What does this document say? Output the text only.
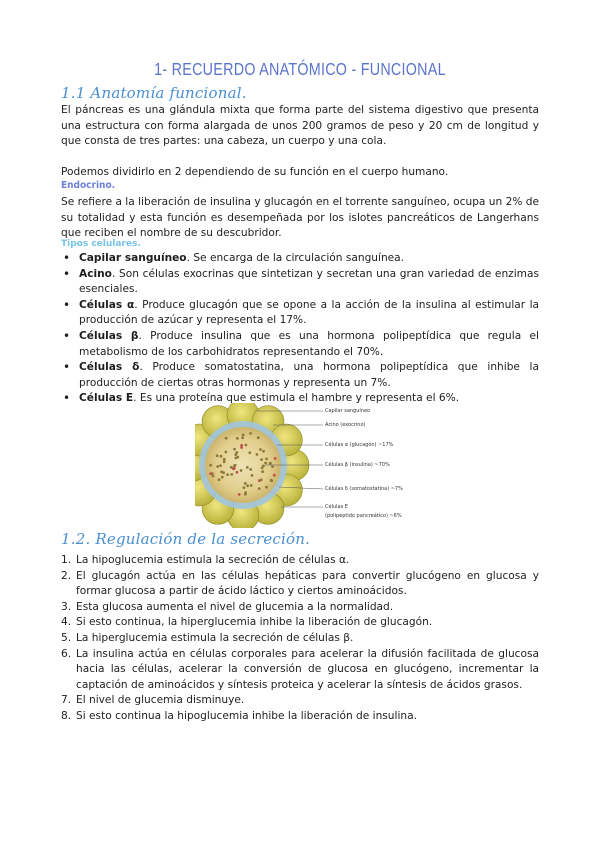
1- RECUERDO ANATÓMICO - FUNCIONAL
1.1 Anatomía funcional.
El páncreas es una glándula mixta que forma parte del sistema digestivo que presenta una estructura con forma alargada de unos 200 gramos de peso y 20 cm de longitud y que consta de tres partes: una cabeza, un cuerpo y una cola.
Podemos dividirlo en 2 dependiendo de su función en el cuerpo humano.
Endocrino.
Se refiere a la liberación de insulina y glucagón en el torrente sanguíneo, ocupa un 2% de su totalidad y esta función es desempeñada por los islotes pancreáticos de Langerhans que reciben el nombre de su descubridor.
Tipos celulares.
• Capilar sanguíneo. Se encarga de la circulación sanguínea.
• Acino. Son células exocrinas que sintetizan y secretan una gran variedad de enzimas esenciales.
• Células α. Produce glucagón que se opone a la acción de la insulina al estimular la producción de azúcar y representa el 17%.
• Células β. Produce insulina que es una hormona polipeptídica que regula el metabolismo de los carbohidratos representando el 70%.
• Células δ. Produce somatostatina, una hormona polipeptídica que inhibe la producción de ciertas otras hormonas y representa un 7%.
• Células E. Es una proteína que estimula el hambre y representa el 6%.
Capilar sanguíneo
Acino (exocrino)
Células α (glucagón) ~17%
Células β (insulina) ~70%
Células δ (somatostatina) ~7%
Células E
(polipéptido pancreático) ~6%
1.2. Regulación de la secreción.
1. La hipoglucemia estimula la secreción de células α.
2. El glucagón actúa en las células hepáticas para convertir glucógeno en glucosa y formar glucosa a partir de ácido láctico y ciertos aminoácidos.
3. Esta glucosa aumenta el nivel de glucemia a la normalidad.
4. Si esto continua, la hiperglucemia inhibe la liberación de glucagón.
5. La hiperglucemia estimula la secreción de células β.
6. La insulina actúa en células corporales para acelerar la difusión facilitada de glucosa hacia las células, acelerar la conversión de glucosa en glucógeno, incrementar la captación de aminoácidos y síntesis proteica y acelerar la síntesis de ácidos grasos.
7. El nivel de glucemia disminuye.
8. Si esto continua la hipoglucemia inhibe la liberación de insulina.
